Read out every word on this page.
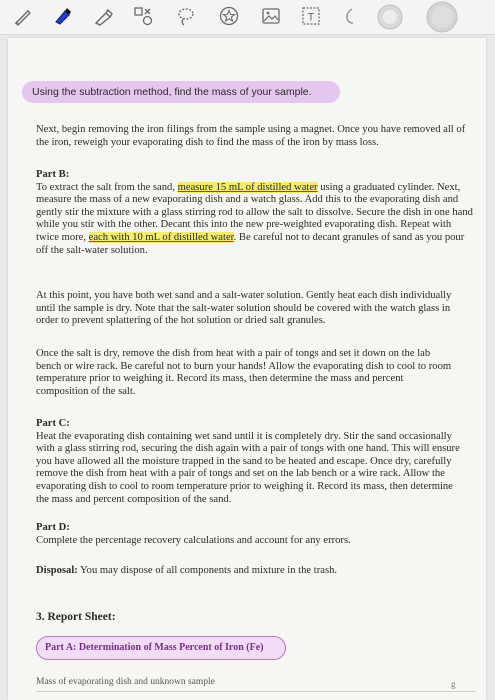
T
Using the subtraction method, find the mass of your sample.

Next, begin removing the iron filings from the sample using a magnet. Once you have removed all of the iron, reweigh your evaporating dish to find the mass of the iron by mass loss.

Part B:
To extract the salt from the sand, measure 15 mL of distilled water using a graduated cylinder. Next, measure the mass of a new evaporating dish and a watch glass. Add this to the evaporating dish and gently stir the mixture with a glass stirring rod to allow the salt to dissolve. Secure the dish in one hand while you stir with the other. Decant this into the new pre-weighted evaporating dish. Repeat with twice more, each with 10 mL of distilled water. Be careful not to decant granules of sand as you pour off the salt-water solution.

At this point, you have both wet sand and a salt-water solution. Gently heat each dish individually until the sample is dry. Note that the salt-water solution should be covered with the watch glass in order to prevent splattering of the hot solution or dried salt granules.

Once the salt is dry, remove the dish from heat with a pair of tongs and set it down on the lab bench or wire rack. Be careful not to burn your hands! Allow the evaporating dish to cool to room temperature prior to weighing it. Record its mass, then determine the mass and percent composition of the salt.

Part C:
Heat the evaporating dish containing wet sand until it is completely dry. Stir the sand occasionally with a glass stirring rod, securing the dish again with a pair of tongs with one hand. This will ensure you have allowed all the moisture trapped in the sand to be heated and escape. Once dry, carefully remove the dish from heat with a pair of tongs and set on the lab bench or a wire rack. Allow the evaporating dish to cool to room temperature prior to weighing it. Record its mass, then determine the mass and percent composition of the sand.
Part D:
Complete the percentage recovery calculations and account for any errors.
Disposal: You may dispose of all components and mixture in the trash.
3. Report Sheet:
Part A: Determination of Mass Percent of Iron (Fe)
Mass of evaporating dish and unknown sample	g
